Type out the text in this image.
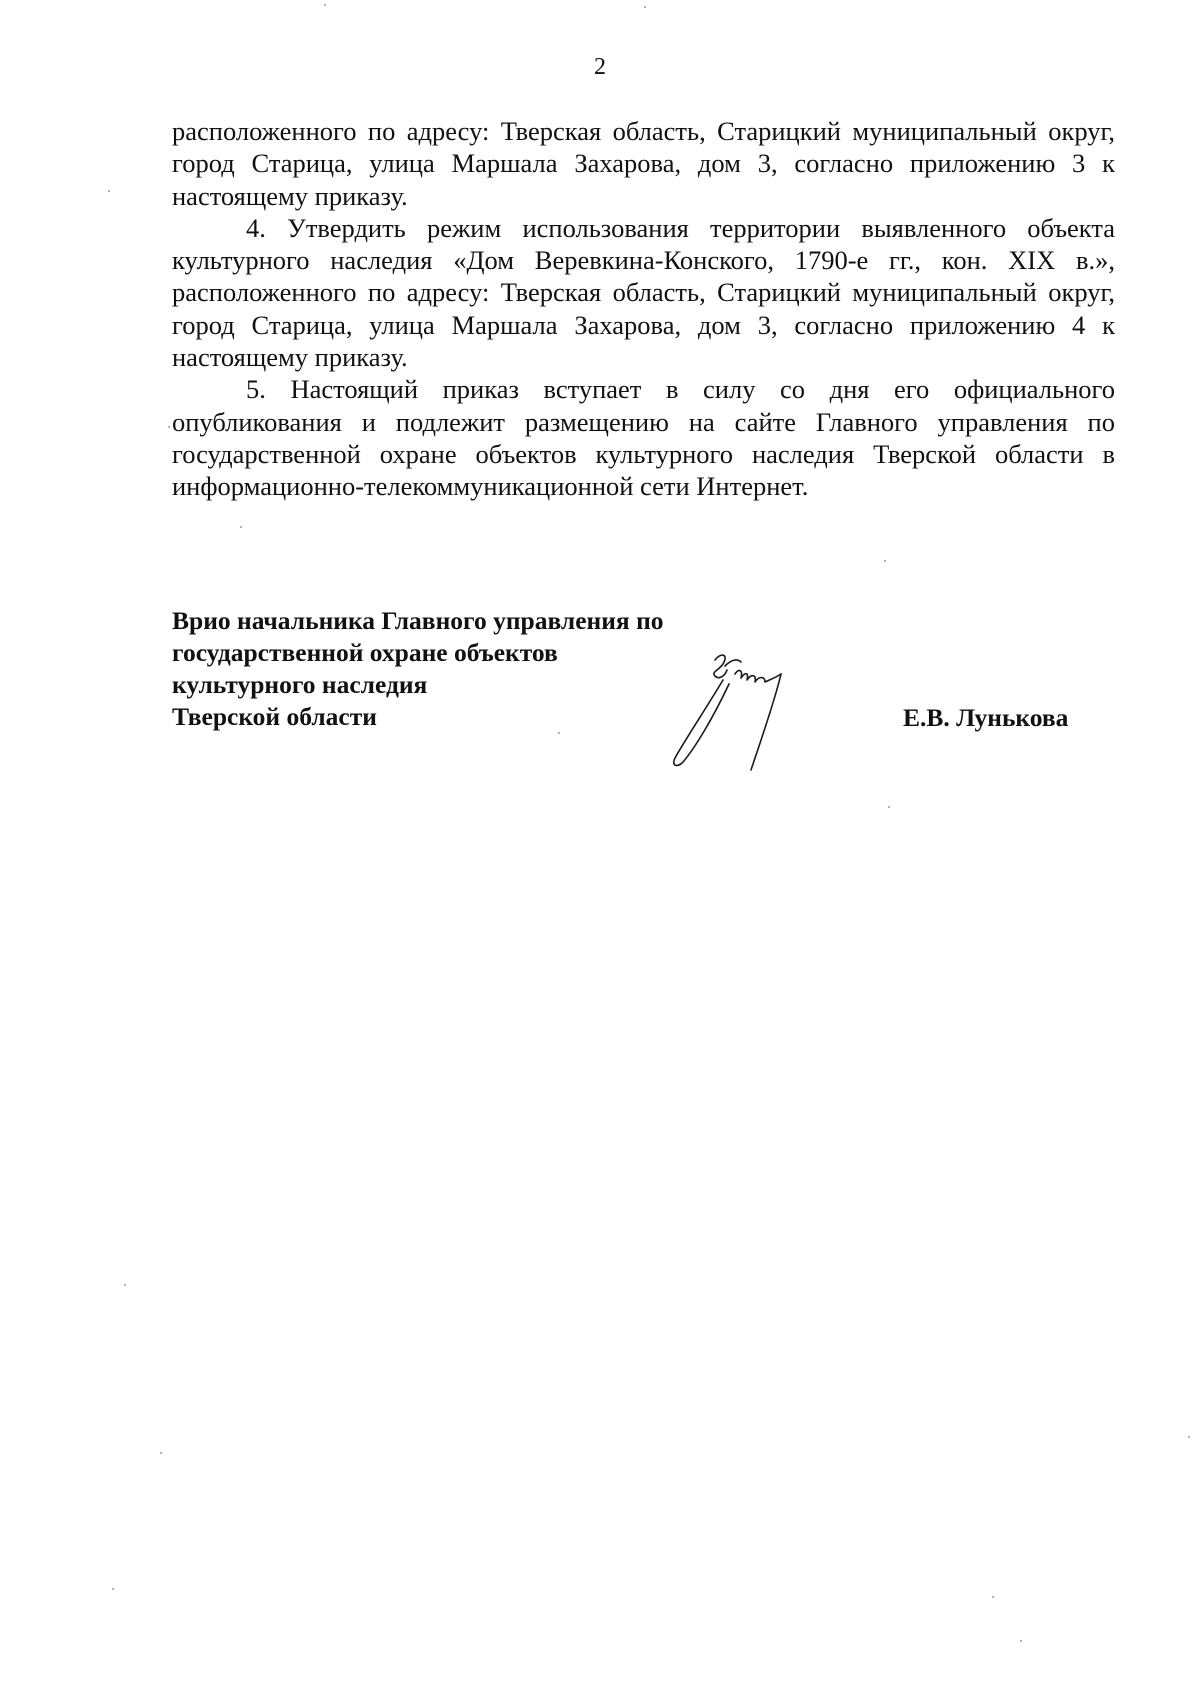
2

расположенного по адресу: Тверская область, Старицкий муниципальный округ, город Старица, улица Маршала Захарова, дом 3, согласно приложению 3 к настоящему приказу.

4. Утвердить режим использования территории выявленного объекта культурного наследия «Дом Веревкина-Конского, 1790-е гг., кон. XIX в.», расположенного по адресу: Тверская область, Старицкий муниципальный округ, город Старица, улица Маршала Захарова, дом 3, согласно приложению 4 к настоящему приказу.

5. Настоящий приказ вступает в силу со дня его официального опубликования и подлежит размещению на сайте Главного управления по государственной охране объектов культурного наследия Тверской области в информационно-телекоммуникационной сети Интернет.

Врио начальника Главного управления по
государственной охране объектов
культурного наследия
Тверской области	Е.В. Лунькова
